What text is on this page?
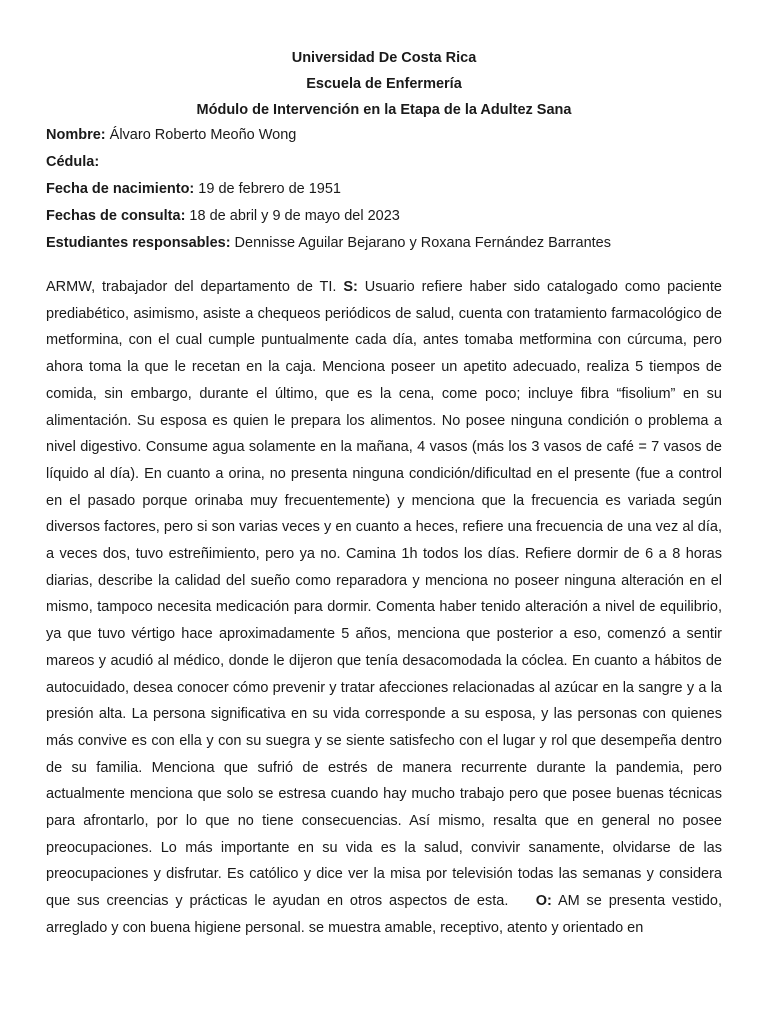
Universidad De Costa Rica
Escuela de Enfermería
Módulo de Intervención en la Etapa de la Adultez Sana
Nombre: Álvaro Roberto Meoño Wong
Cédula:
Fecha de nacimiento: 19 de febrero de 1951
Fechas de consulta: 18 de abril y 9 de mayo del 2023
Estudiantes responsables: Dennisse Aguilar Bejarano y Roxana Fernández Barrantes
ARMW, trabajador del departamento de TI. S: Usuario refiere haber sido catalogado como paciente prediabético, asimismo, asiste a chequeos periódicos de salud, cuenta con tratamiento farmacológico de metformina, con el cual cumple puntualmente cada día, antes tomaba metformina con cúrcuma, pero ahora toma la que le recetan en la caja. Menciona poseer un apetito adecuado, realiza 5 tiempos de comida, sin embargo, durante el último, que es la cena, come poco; incluye fibra “fisolium” en su alimentación. Su esposa es quien le prepara los alimentos. No posee ninguna condición o problema a nivel digestivo. Consume agua solamente en la mañana, 4 vasos (más los 3 vasos de café = 7 vasos de líquido al día). En cuanto a orina, no presenta ninguna condición/dificultad en el presente (fue a control en el pasado porque orinaba muy frecuentemente) y menciona que la frecuencia es variada según diversos factores, pero si son varias veces y en cuanto a heces, refiere una frecuencia de una vez al día, a veces dos, tuvo estreñimiento, pero ya no. Camina 1h todos los días. Refiere dormir de 6 a 8 horas diarias, describe la calidad del sueño como reparadora y menciona no poseer ninguna alteración en el mismo, tampoco necesita medicación para dormir. Comenta haber tenido alteración a nivel de equilibrio, ya que tuvo vértigo hace aproximadamente 5 años, menciona que posterior a eso, comenzó a sentir mareos y acudió al médico, donde le dijeron que tenía desacomodada la cóclea. En cuanto a hábitos de autocuidado, desea conocer cómo prevenir y tratar afecciones relacionadas al azúcar en la sangre y a la presión alta. La persona significativa en su vida corresponde a su esposa, y las personas con quienes más convive es con ella y con su suegra y se siente satisfecho con el lugar y rol que desempeña dentro de su familia. Menciona que sufrió de estrés de manera recurrente durante la pandemia, pero actualmente menciona que solo se estresa cuando hay mucho trabajo pero que posee buenas técnicas para afrontarlo, por lo que no tiene consecuencias. Así mismo, resalta que en general no posee preocupaciones. Lo más importante en su vida es la salud, convivir sanamente, olvidarse de las preocupaciones y disfrutar. Es católico y dice ver la misa por televisión todas las semanas y considera que sus creencias y prácticas le ayudan en otros aspectos de esta.    O: AM se presenta vestido, arreglado y con buena higiene personal. se muestra amable, receptivo, atento y orientado en
